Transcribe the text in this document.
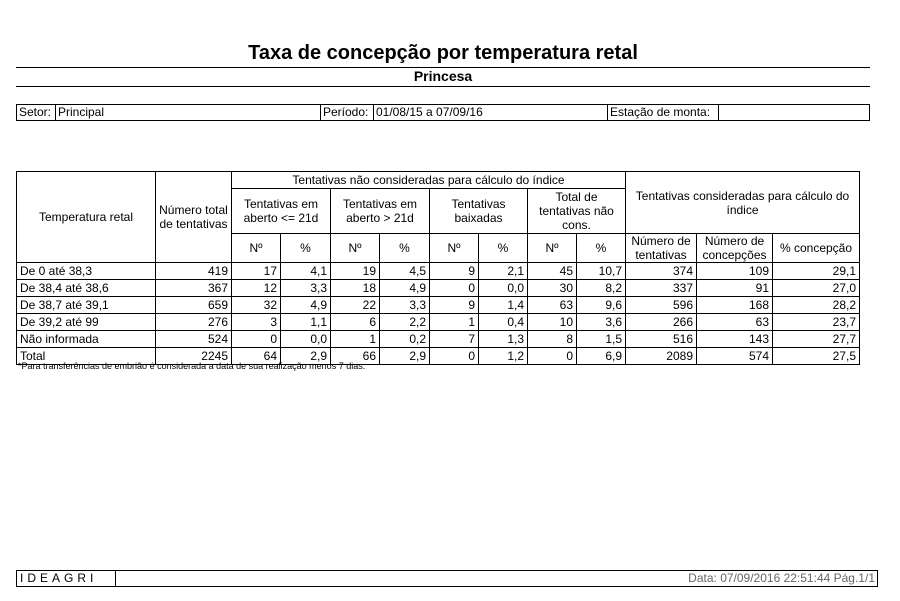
Taxa de concepção por temperatura retal
Princesa
Setor: Principal	Período: 01/08/15 a 07/09/16	Estação de monta:
Temperatura retal	Número total de tentativas	Tentativas não consideradas para cálculo do índice								Tentativas consideradas para cálculo do índice		
		Tentativas em aberto <= 21d		Tentativas em aberto > 21d		Tentativas baixadas		Total de tentativas não cons.				
		Nº	%	Nº	%	Nº	%	Nº	%	Número de tentativas	Número de concepções	% concepção
De 0 até 38,3	419	17	4,1	19	4,5	9	2,1	45	10,7	374	109	29,1
De 38,4 até 38,6	367	12	3,3	18	4,9	0	0,0	30	8,2	337	91	27,0
De 38,7 até 39,1	659	32	4,9	22	3,3	9	1,4	63	9,6	596	168	28,2
De 39,2 até 99	276	3	1,1	6	2,2	1	0,4	10	3,6	266	63	23,7
Não informada	524	0	0,0	1	0,2	7	1,3	8	1,5	516	143	27,7
Total	2245	64	2,9	66	2,9	0	1,2	0	6,9	2089	574	27,5
*Para transferências de embrião é considerada a data de sua realização menos 7 dias.
IDEAGRI	Data: 07/09/2016 22:51:44 Pág.1/1
